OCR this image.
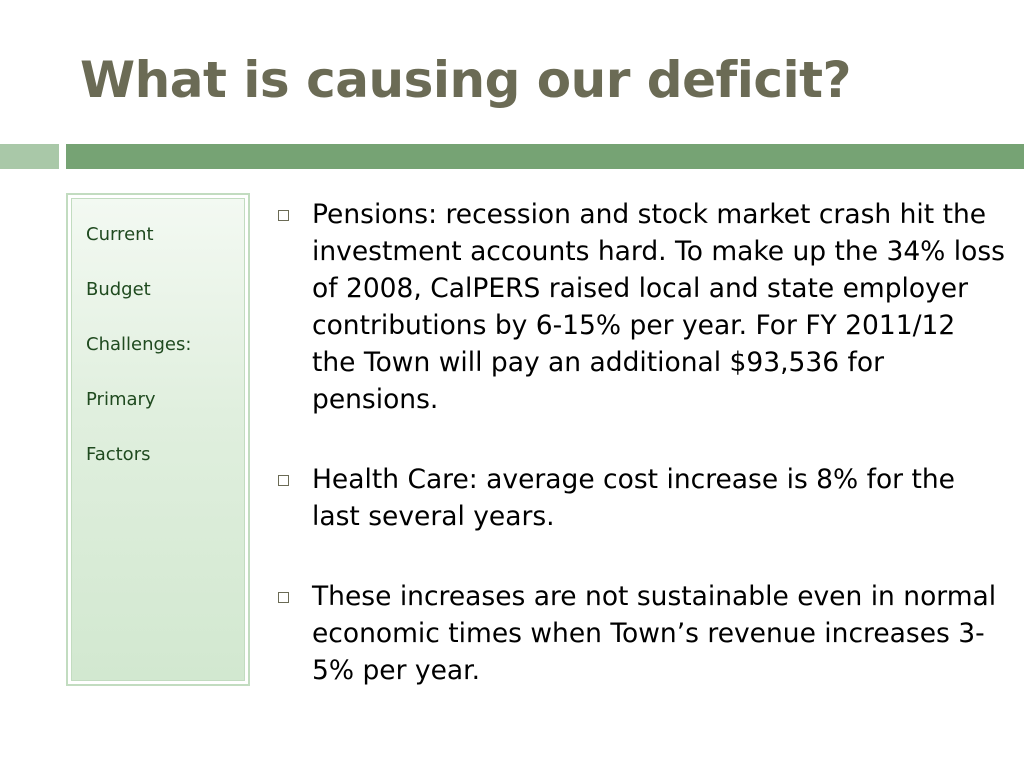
What is causing our deficit?
Current
Budget
Challenges:
Primary
Factors
Pensions: recession and stock market crash hit the investment accounts hard. To make up the 34% loss of 2008, CalPERS raised local and state employer contributions by 6-15% per year. For FY 2011/12 the Town will pay an additional $93,536 for pensions.
Health Care: average cost increase is 8% for the last several years.
These increases are not sustainable even in normal economic times when Town’s revenue increases 3-5% per year.
